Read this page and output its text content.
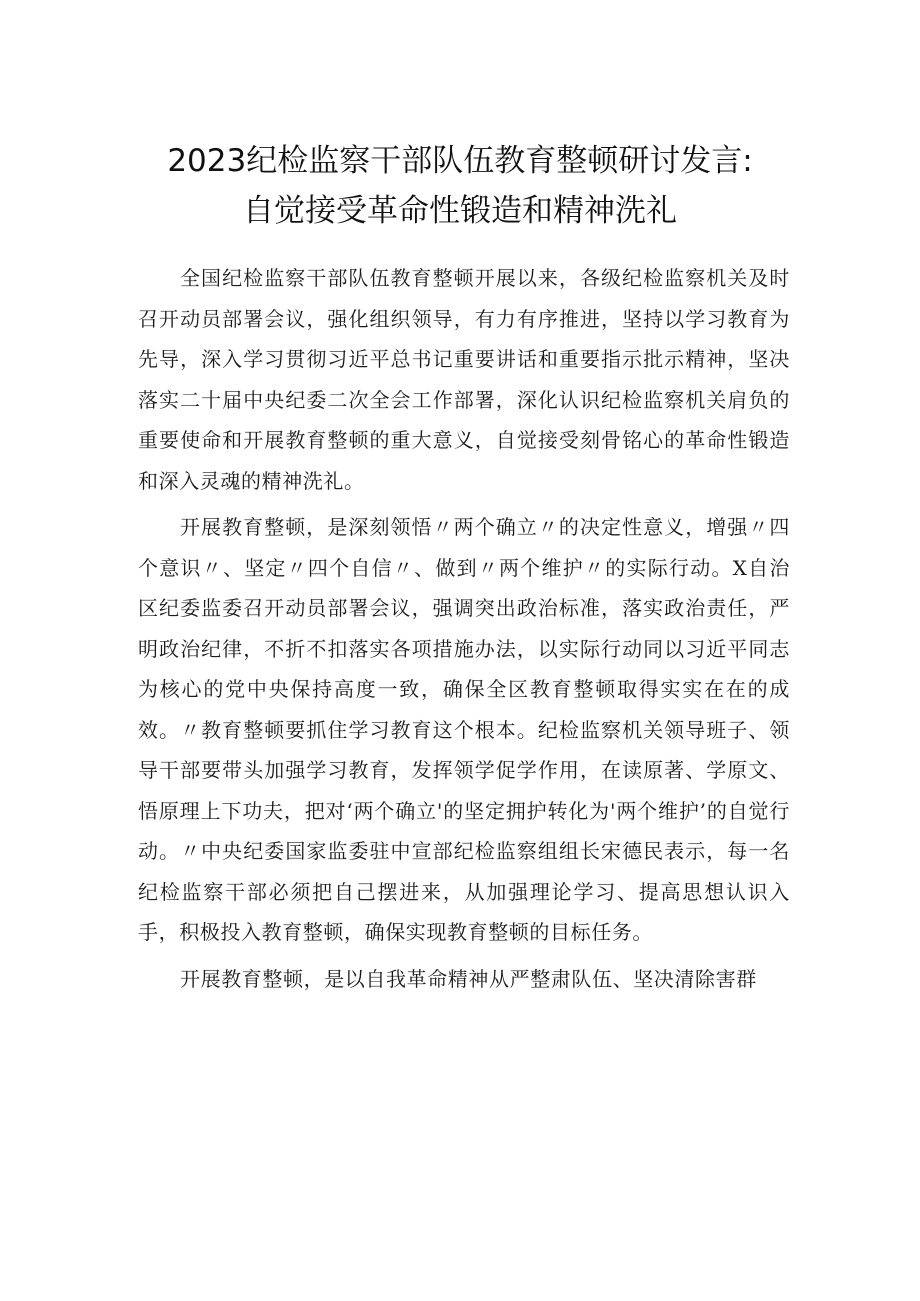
2023纪检监察干部队伍教育整顿研讨发言:
自觉接受革命性锻造和精神洗礼

全国纪检监察干部队伍教育整顿开展以来，各级纪检监察机关及时召开动员部署会议，强化组织领导，有力有序推进，坚持以学习教育为先导，深入学习贯彻习近平总书记重要讲话和重要指示批示精神，坚决落实二十届中央纪委二次全会工作部署，深化认识纪检监察机关肩负的重要使命和开展教育整顿的重大意义，自觉接受刻骨铭心的革命性锻造和深入灵魂的精神洗礼。

开展教育整顿，是深刻领悟〃两个确立〃的决定性意义，增强〃四个意识〃、坚定〃四个自信〃、做到〃两个维护〃的实际行动。X自治区纪委监委召开动员部署会议，强调突出政治标准，落实政治责任，严明政治纪律，不折不扣落实各项措施办法，以实际行动同以习近平同志为核心的党中央保持高度一致，确保全区教育整顿取得实实在在的成效。〃教育整顿要抓住学习教育这个根本。纪检监察机关领导班子、领导干部要带头加强学习教育，发挥领学促学作用，在读原著、学原文、悟原理上下功夫，把对‘两个确立'的坚定拥护转化为'两个维护’的自觉行动。〃中央纪委国家监委驻中宣部纪检监察组组长宋德民表示，每一名纪检监察干部必须把自己摆进来，从加强理论学习、提高思想认识入手，积极投入教育整顿，确保实现教育整顿的目标任务。

开展教育整顿，是以自我革命精神从严整肃队伍、坚决清除害群
